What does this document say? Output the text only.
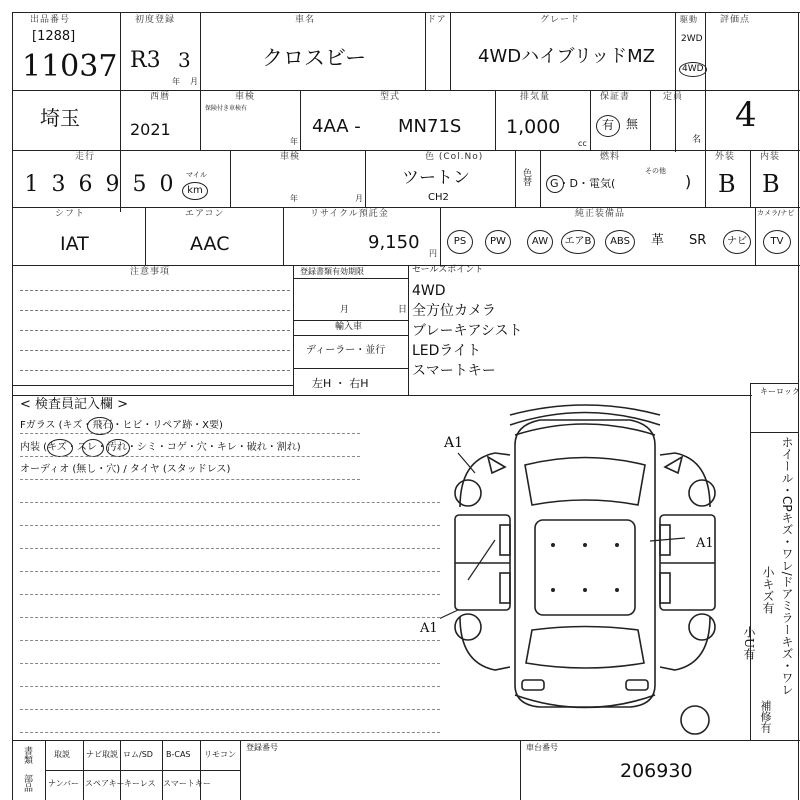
出品番号
[1288]
11037
初度登録
R3 3
年 月
車名
クロスビー
ドア	グレード
4WDハイブリッドMZ
駆動
2WD
4WD
評価点
4
埼玉
西暦
2021
車検
保険付き車検有
年
型式
4AA - MN71S
排気量
1,000
cc
保証書
有	無
定員
名
走行
1 3 6 9 5 0	マイル
km
車検
年	月
色 (Col.No)
ツートン
CH2
色替
燃料
G・D・電気(
その他
)
外装
B
内装
B
シフト
IAT
エアコン
AAC
リサイクル預託金
9,150
円
純正装備品	カメラ/ナビ
PS	PW	AW	エアB	ABS	革 SR	ナビ	TV
注意事項	登録書類有効期限
月	日
輸入車
ディーラー・並行
左H ・ 右H
セールスポイント
4WD
全方位カメラ
ブレーキアシスト
LEDライト
スマートキー
< 検査員記入欄 >
Fガラス (キズ・飛石・ヒビ・リペア跡・X要)
内装 (キズ・スレ・汚れ・シミ・コゲ・穴・キレ・破れ・割れ)
オーディオ (無し・穴) / タイヤ (スタッドレス)
A1
A1
A1
キーロック
ホイール・CPキズ・ワレ/ドアミラーキズ・ワレ
小キズ有
小U有
補修有
書類
部品
取説 ナビ取説 ロム/SD B-CAS リモコン
ナンバー スペアキー キーレス スマートキー
登録番号	車台番号
206930
